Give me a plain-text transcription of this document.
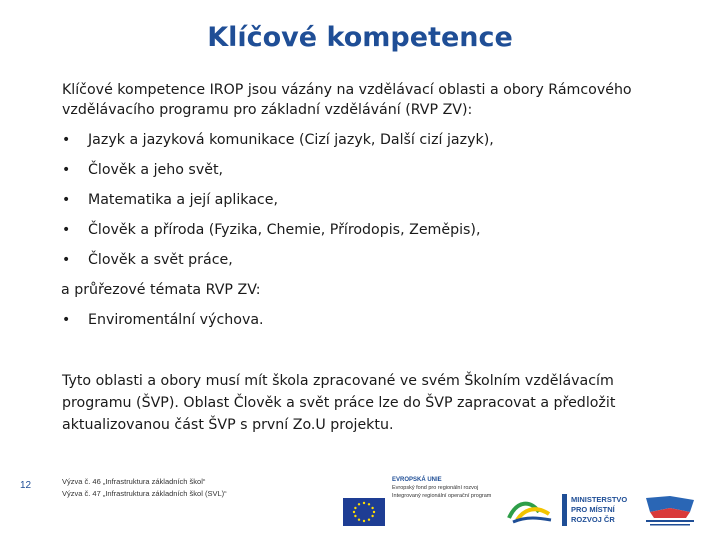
Klíčové kompetence

Klíčové kompetence IROP jsou vázány na vzdělávací oblasti a obory Rámcového vzdělávacího programu pro základní vzdělávání (RVP ZV):

•	Jazyk a jazyková komunikace (Cizí jazyk, Další cizí jazyk),
•	Člověk a jeho svět,
•	Matematika a její aplikace,
•	Člověk a příroda (Fyzika, Chemie, Přírodopis, Zeměpis),
•	Člověk a svět práce,
a průřezové témata RVP ZV:
•	Enviromentální výchova.

Tyto oblasti a obory musí mít škola zpracované ve svém Školním vzdělávacím programu (ŠVP). Oblast Člověk a svět práce lze do ŠVP zapracovat a předložit aktualizovanou část ŠVP s první Zo.U projektu.

12	Výzva č. 46 „Infrastruktura základních škol“
Výzva č. 47 „Infrastruktura základních škol (SVL)“
EVROPSKÁ UNIE
Evropský fond pro regionální rozvoj
Integrovaný regionální operační program	MINISTERSTVO
PRO MÍSTNÍ
ROZVOJ ČR
